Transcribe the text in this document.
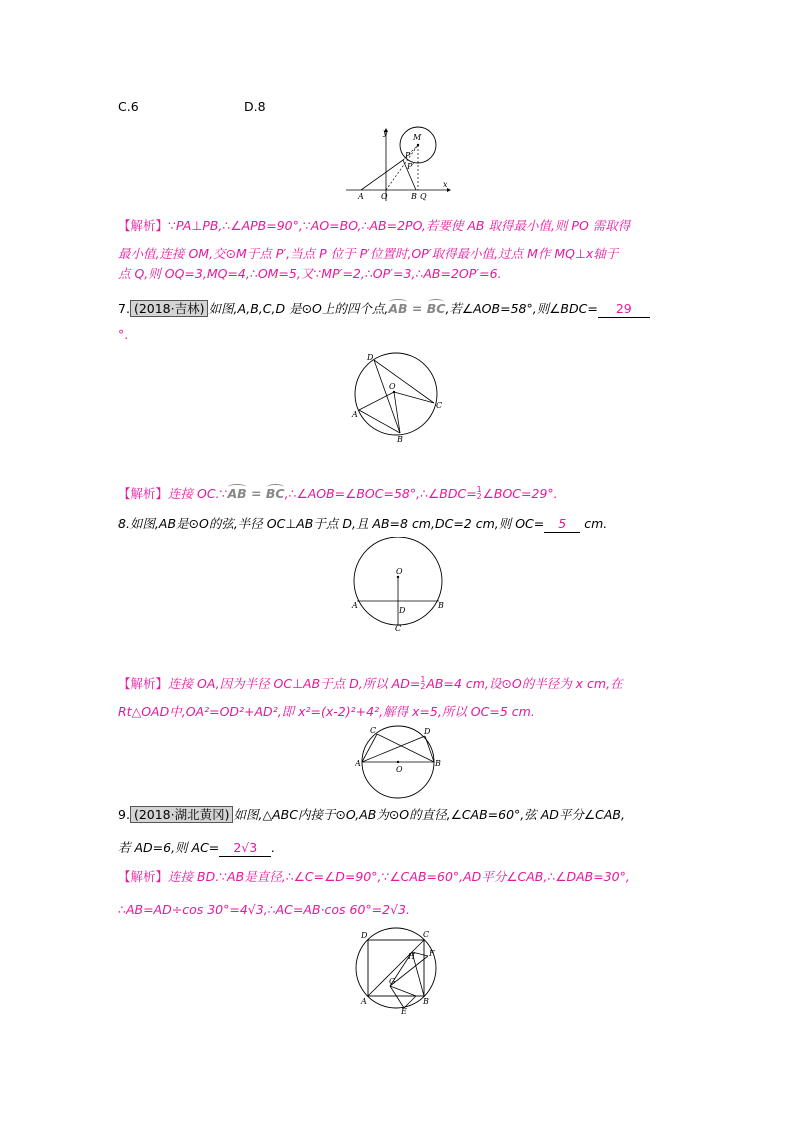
C.6	D.8
y
M
P
P′
A O	B Q
x
【解析】∵PA⊥PB,∴∠APB=90°,∵AO=BO,∴AB=2PO,若要使 AB 取得最小值,则 PO 需取得
最小值,连接 OM,交⊙M于点 P′,当点 P 位于 P′位置时,OP′取得最小值,过点 M作 MQ⊥x轴于
点 Q,则 OQ=3,MQ=4,∴OM=5,又∵MP′=2,∴OP′=3,∴AB=2OP′=6.
7. (2018·吉林) 如图,A,B,C,D 是⊙O上的四个点,AB = BC,若∠AOB=58°,则∠BDC= 29
°.
D
O
A
C
B
【解析】连接 OC.∵AB = BC,∴∠AOB=∠BOC=58°,∴∠BDC= 1
2 ∠BOC=29°.
8.如图,AB是⊙O的弦,半径 OC⊥AB于点 D,且 AB=8 cm,DC=2 cm,则 OC= 5 cm.
O
A
D
B
C
【解析】连接 OA,因为半径 OC⊥AB于点 D,所以 AD= 1
2 AB=4 cm,设⊙O的半径为 x cm,在
Rt△OAD中,OA²=OD²+AD²,即 x²=(x-2)²+4²,解得 x=5,所以 OC=5 cm.
C	D
A
O
B
9. (2018·湖北黄冈) 如图,△ABC内接于⊙O,AB为⊙O的直径,∠CAB=60°,弦 AD平分∠CAB,
若 AD=6,则 AC= 2√3 .
【解析】连接 BD.∵AB是直径,∴∠C=∠D=90°,∵∠CAB=60°,AD平分∠CAB,∴∠DAB=30°,
∴AB=AD÷cos 30°=4√3,∴AC=AB·cos 60°=2√3.
D	C
H F
G
A	B
E
